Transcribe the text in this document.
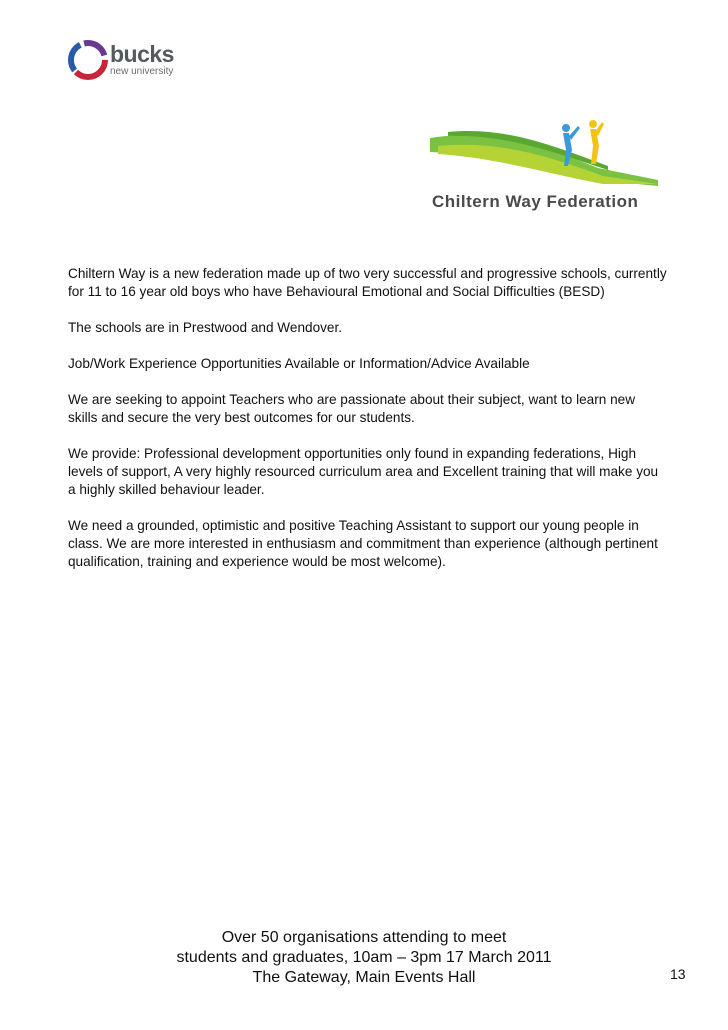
bucks
new university
Chiltern Way Federation

Chiltern Way is a new federation made up of two very successful and progressive schools, currently for 11 to 16 year old boys who have Behavioural Emotional and Social Difficulties (BESD)

The schools are in Prestwood and Wendover.

Job/Work Experience Opportunities Available or Information/Advice Available

We are seeking to appoint Teachers who are passionate about their subject, want to learn new skills and secure the very best outcomes for our students.

We provide: Professional development opportunities only found in expanding federations, High levels of support, A very highly resourced curriculum area and Excellent training that will make you a highly skilled behaviour leader.

We need a grounded, optimistic and positive Teaching Assistant to support our young people in class. We are more interested in enthusiasm and commitment than experience (although pertinent qualification, training and experience would be most welcome).

Over 50 organisations attending to meet
students and graduates, 10am – 3pm 17 March 2011
The Gateway, Main Events Hall	13
